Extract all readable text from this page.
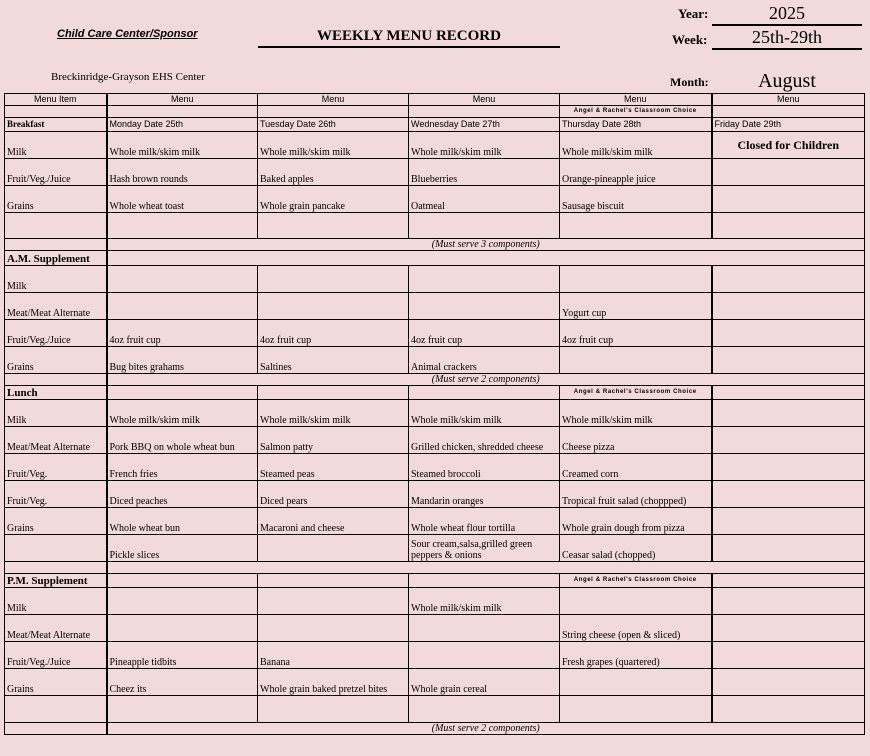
Child Care Center/Sponsor	WEEKLY MENU RECORD
Breckinridge-Grayson EHS Center
Year:	2025
Week:	25th-29th
Month:	August
Menu Item	Menu	Menu	Menu	Menu	Menu
				Angel & Rachel's Classroom Choice	
Breakfast	Monday Date 25th	Tuesday Date 26th	Wednesday Date 27th	Thursday Date 28th	Friday Date 29th
Milk	Whole milk/skim milk	Whole milk/skim milk	Whole milk/skim milk	Whole milk/skim milk	Closed for Children
Fruit/Veg./Juice	Hash brown rounds	Baked apples	Blueberries	Orange-pineapple juice	
Grains	Whole wheat toast	Whole grain pancake	Oatmeal	Sausage biscuit	

	(Must serve 3 components)				
A.M. Supplement					
Milk					
Meat/Meat Alternate				Yogurt cup	
Fruit/Veg./Juice	4oz fruit cup	4oz fruit cup	4oz fruit cup	4oz fruit cup	
Grains	Bug bites grahams	Saltines	Animal crackers		
	(Must serve 2 components)				
Lunch				Angel & Rachel's Classroom Choice	
Milk	Whole milk/skim milk	Whole milk/skim milk	Whole milk/skim milk	Whole milk/skim milk	
Meat/Meat Alternate	Pork BBQ on whole wheat bun	Salmon patty	Grilled chicken, shredded cheese	Cheese pizza	
Fruit/Veg.	French fries	Steamed peas	Steamed broccoli	Creamed corn	
Fruit/Veg.	Diced peaches	Diced pears	Mandarin oranges	Tropical fruit salad (choppped)	
Grains	Whole wheat bun	Macaroni and cheese	Whole wheat flour tortilla	Whole grain dough from pizza	
	Pickle slices		Sour cream,salsa,grilled green peppers & onions	Ceasar salad (chopped)	

P.M. Supplement				Angel & Rachel's Classroom Choice	
Milk			Whole milk/skim milk		
Meat/Meat Alternate				String cheese (open & sliced)	
Fruit/Veg./Juice	Pineapple tidbits	Banana		Fresh grapes (quartered)	
Grains	Cheez its	Whole grain baked pretzel bites	Whole grain cereal		

	(Must serve 2 components)				
